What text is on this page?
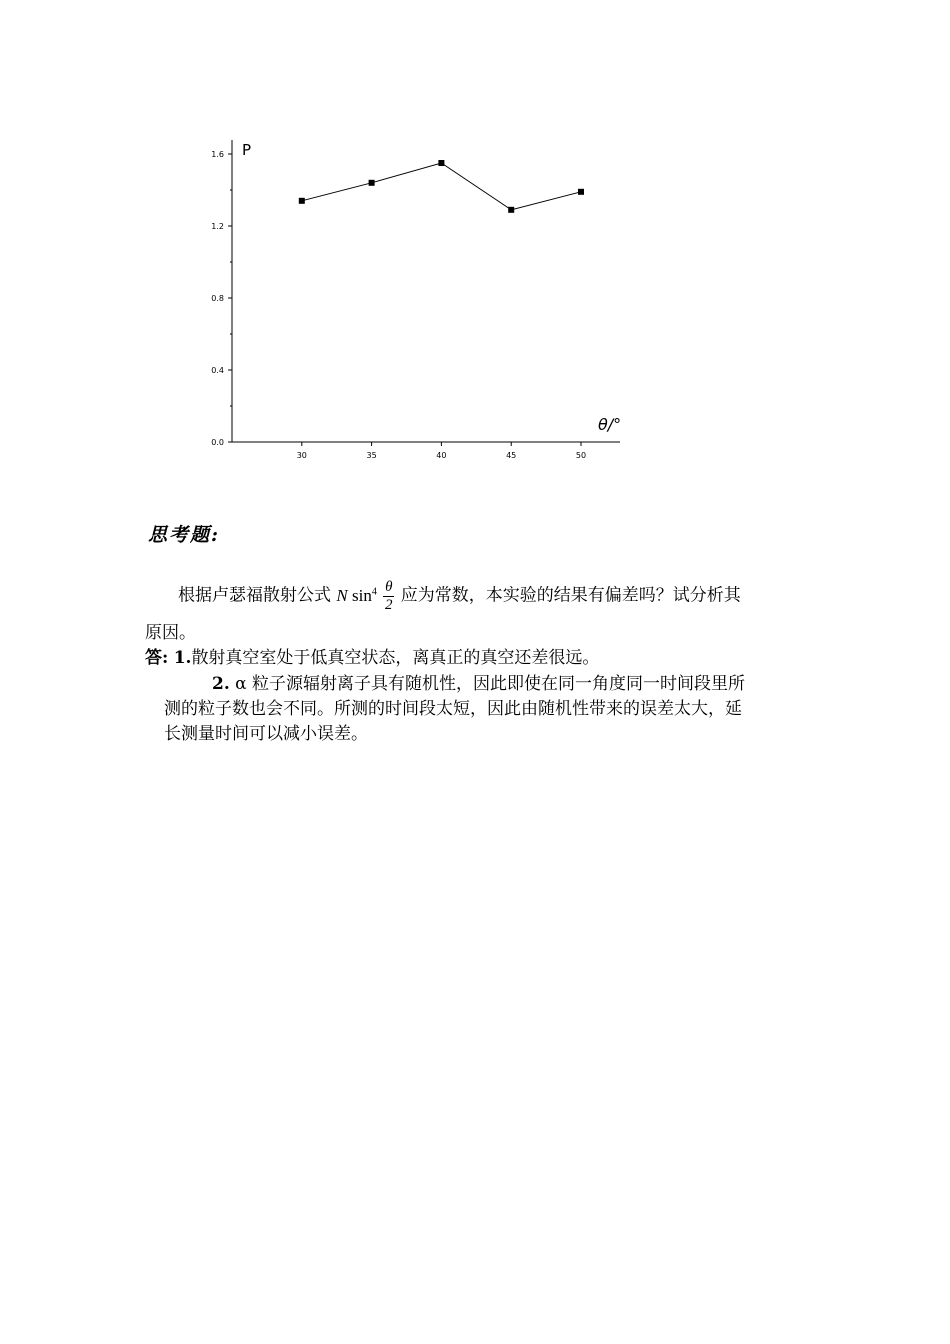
0.0
0.4
0.8
1.2
1.6
30	35	40	45	50
P
θ/°
思考题:
根据卢瑟福散射公式 N $\sin^4 \frac{\theta}{2}$ 应为常数，本实验的结果有偏差吗？试分析其
原因。
答: 1.散射真空室处于低真空状态，离真正的真空还差很远。
2. α 粒子源辐射离子具有随机性，因此即使在同一角度同一时间段里所
测的粒子数也会不同。所测的时间段太短，因此由随机性带来的误差太大，延
长测量时间可以减小误差。
